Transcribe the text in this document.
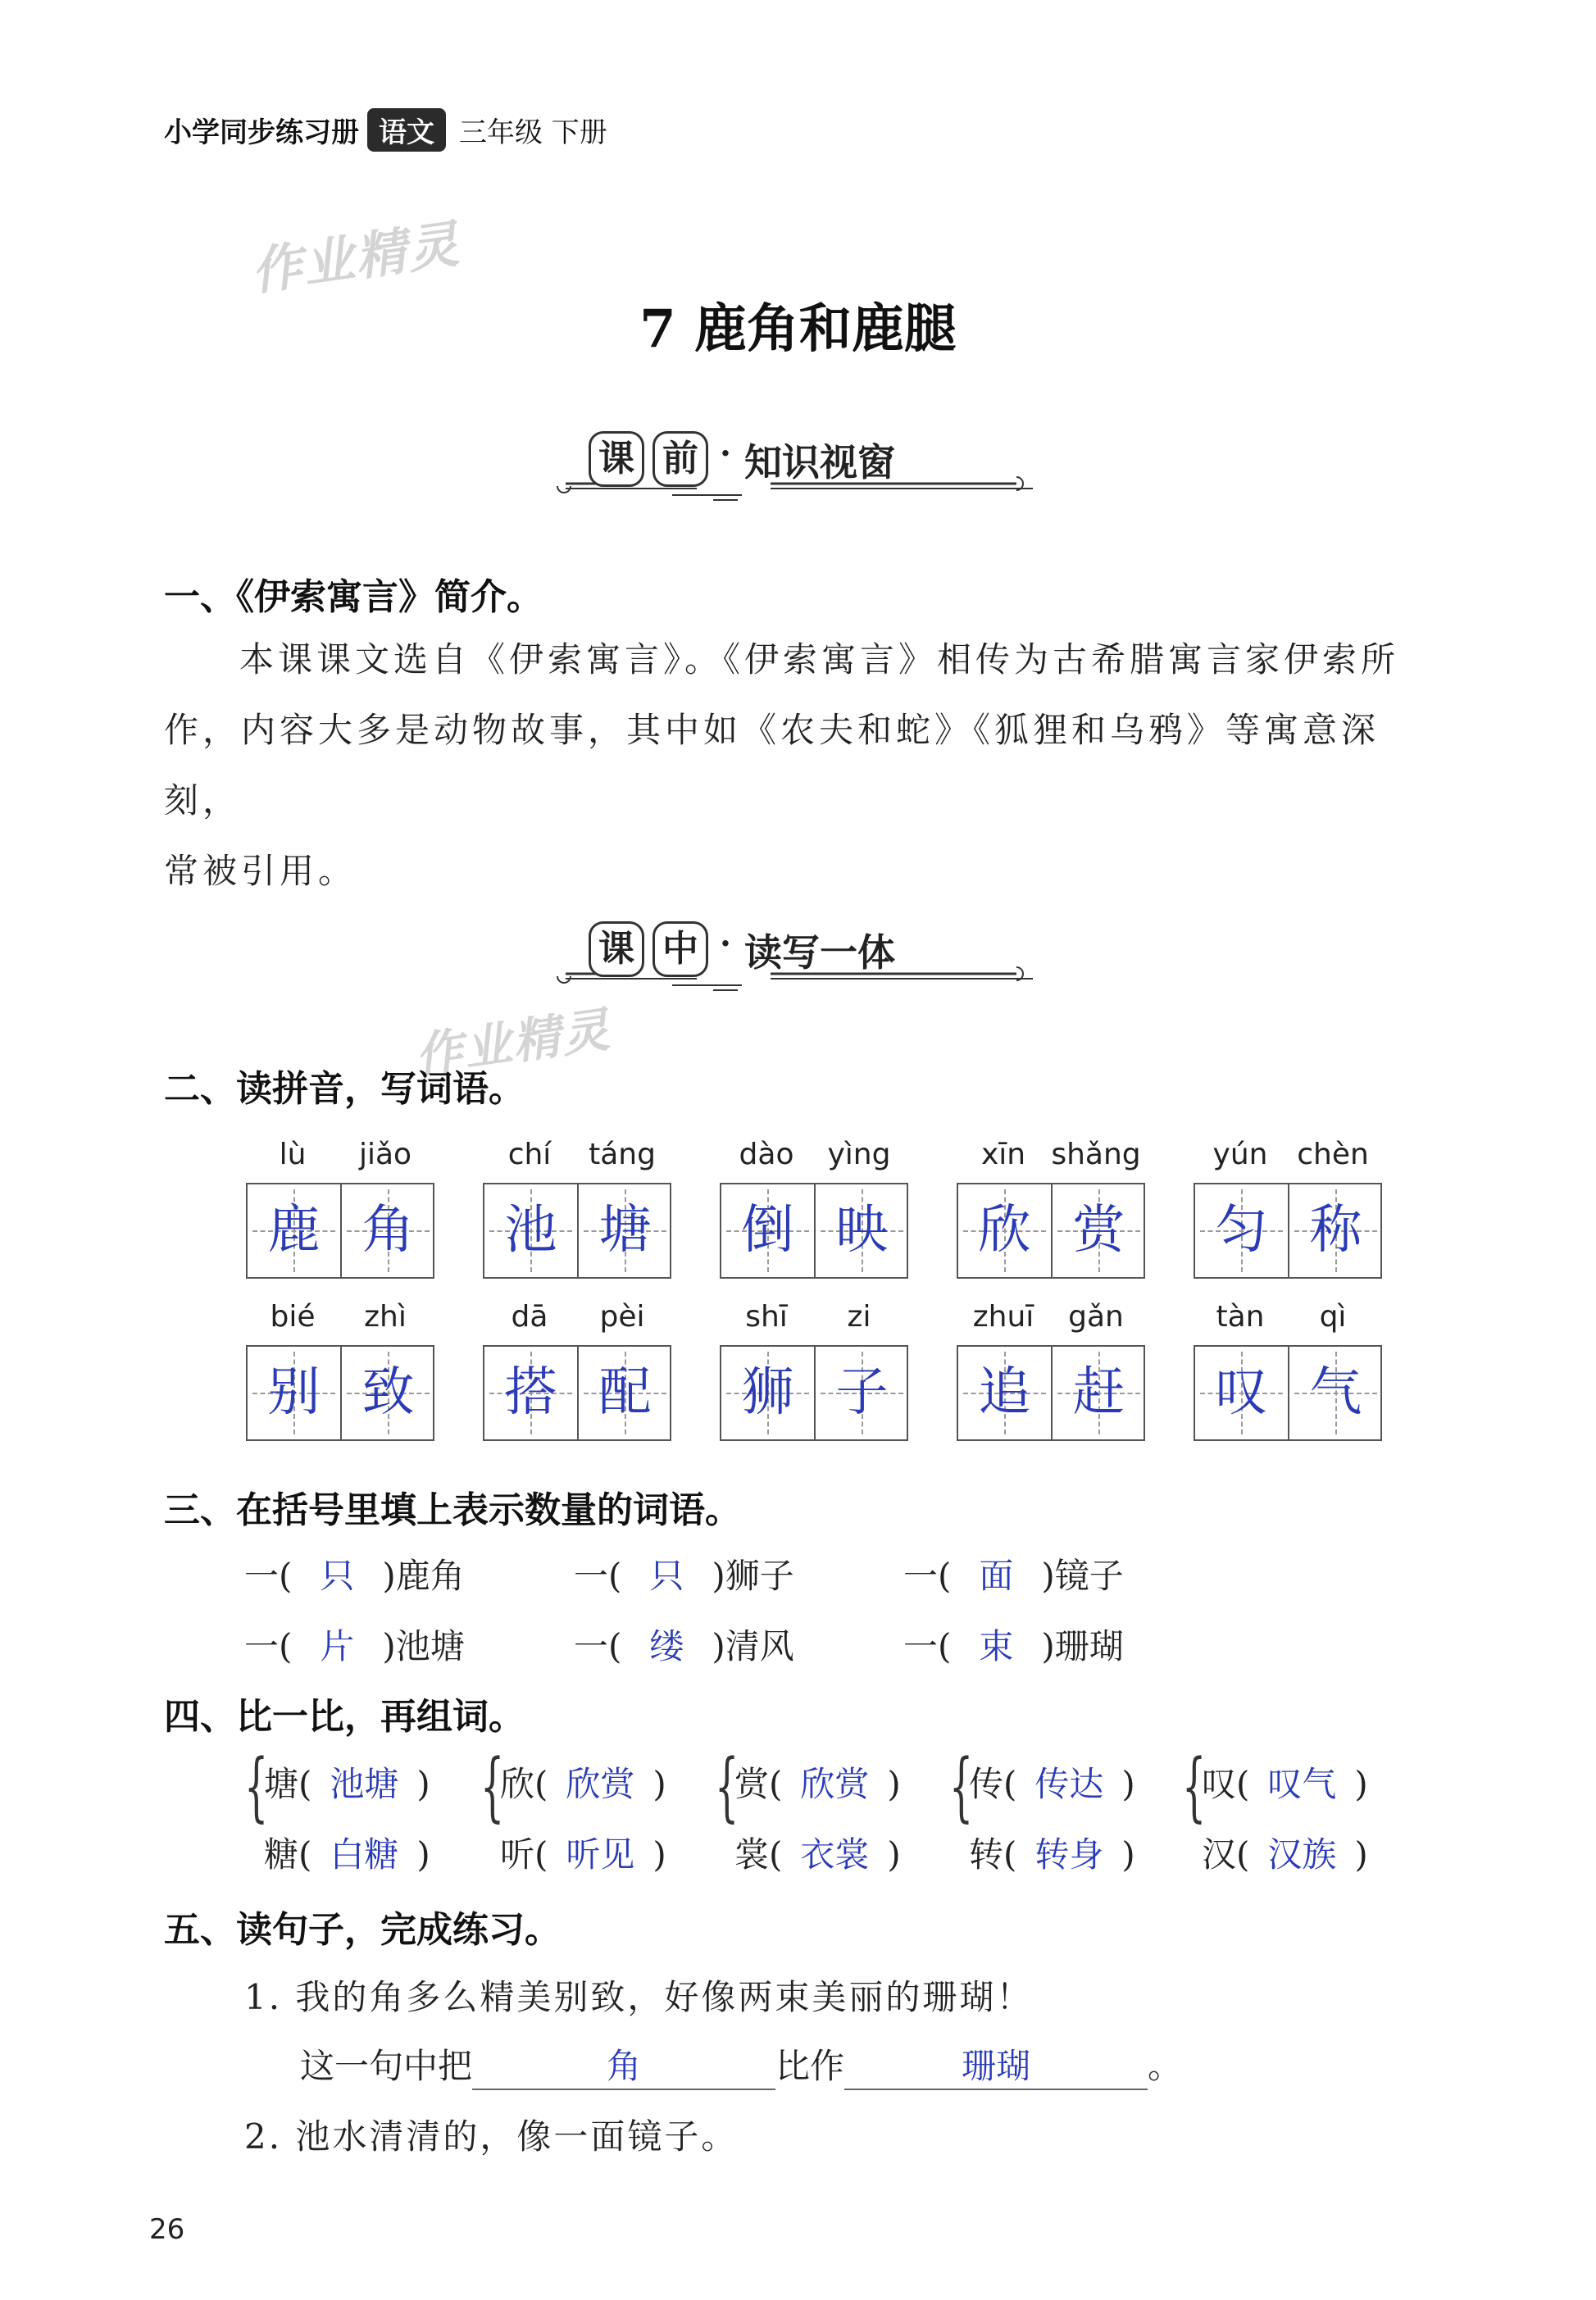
小学同步练习册 语文 三年级 下册
作业精灵
作业精灵
7 鹿角和鹿腿
课 前 · 知识视窗
一、《伊索寓言》简介。
本课课文选自《伊索寓言》。《伊索寓言》相传为古希腊寓言家伊索所
作，内容大多是动物故事，其中如《农夫和蛇》《狐狸和乌鸦》等寓意深刻，
常被引用。
课 中 · 读写一体
二、读拼音，写词语。
lù	jiǎo
鹿 角
chí	táng
池 塘
dào	yìng
倒 映
xīn shǎng
欣 赏
yún chèn
匀 称
bié	zhì
别 致
dā	pèi
搭 配
shī	zi
狮 子
zhuī	gǎn
追 赶
tàn	qì
叹 气
三、在括号里填上表示数量的词语。
一( 只 )鹿角	一( 只 )狮子	一( 面 )镜子
一( 片 )池塘	一( 缕 )清风	一( 束 )珊瑚
四、比一比，再组词。
{
塘( 池塘 )
糖( 白糖 )
{
欣( 欣赏 )
听( 听见 )
{
赏( 欣赏 )
裳( 衣裳 )
{
传( 传达 )
转( 转身 )
{
叹( 叹气 )
汉( 汉族 )
五、读句子，完成练习。
1. 我的角多么精美别致，好像两束美丽的珊瑚！
这一句中把	角	比作	珊瑚	。
2. 池水清清的，像一面镜子。
26
